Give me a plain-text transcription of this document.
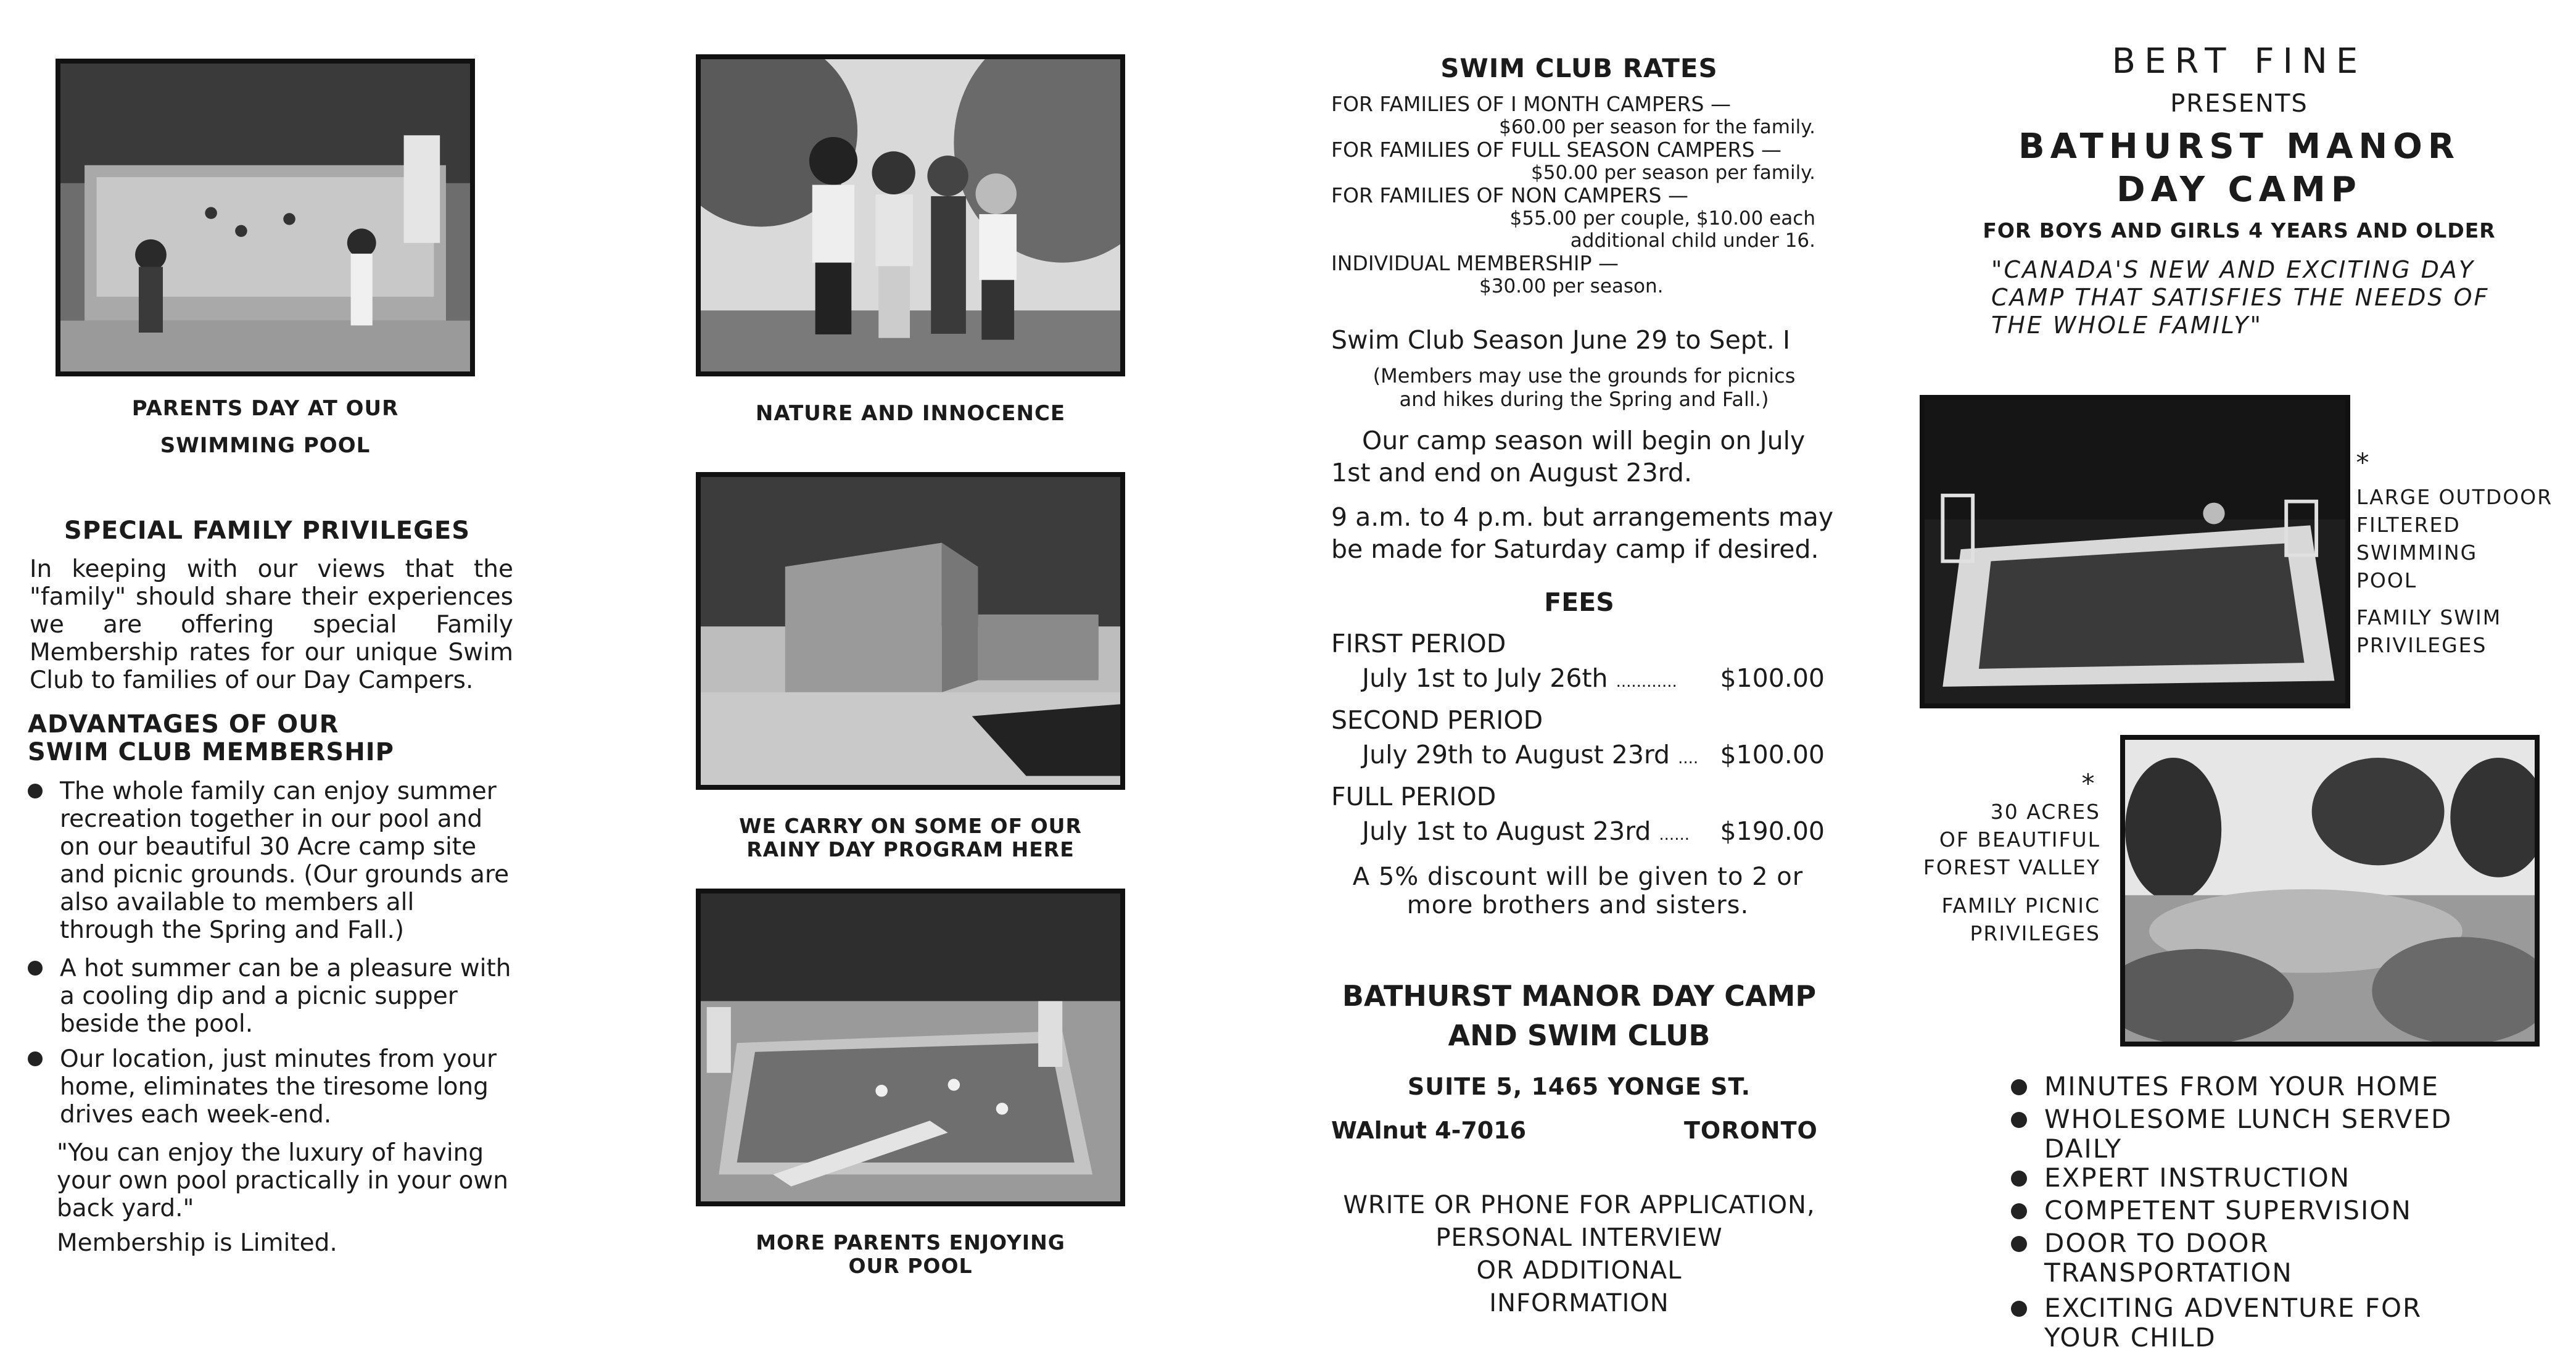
PARENTS DAY AT OUR
SWIMMING POOL
SPECIAL FAMILY PRIVILEGES
In keeping with our views that the "family" should share their experiences we are offering special Family Membership rates for our unique Swim Club to families of our Day Campers.
ADVANTAGES OF OUR
SWIM CLUB MEMBERSHIP
The whole family can enjoy summer recreation together in our pool and on our beautiful 30 Acre camp site and picnic grounds. (Our grounds are also available to members all through the Spring and Fall.)
A hot summer can be a pleasure with a cooling dip and a picnic supper beside the pool.
Our location, just minutes from your home, eliminates the tiresome long drives each week-end.
"You can enjoy the luxury of having your own pool practically in your own back yard."
Membership is Limited.
NATURE AND INNOCENCE
WE CARRY ON SOME OF OUR
RAINY DAY PROGRAM HERE
MORE PARENTS ENJOYING
OUR POOL
SWIM CLUB RATES
FOR FAMILIES OF I MONTH CAMPERS —
$60.00 per season for the family.
FOR FAMILIES OF FULL SEASON CAMPERS —
$50.00 per season per family.
FOR FAMILIES OF NON CAMPERS —
$55.00 per couple, $10.00 each
additional child under 16.
INDIVIDUAL MEMBERSHIP —
$30.00 per season.
Swim Club Season June 29 to Sept. I
(Members may use the grounds for picnics
and hikes during the Spring and Fall.)
Our camp season will begin on July
1st and end on August 23rd.
9 a.m. to 4 p.m. but arrangements may
be made for Saturday camp if desired.
FEES
FIRST PERIOD
July 1st to July 26th ............ $100.00
SECOND PERIOD
July 29th to August 23rd .... $100.00
FULL PERIOD
July 1st to August 23rd ...... $190.00
A 5% discount will be given to 2 or
more brothers and sisters.
BATHURST MANOR DAY CAMP
AND SWIM CLUB
SUITE 5, 1465 YONGE ST.
WAlnut 4-7016	TORONTO
WRITE OR PHONE FOR APPLICATION,
PERSONAL INTERVIEW
OR ADDITIONAL
INFORMATION
BERT FINE
PRESENTS
BATHURST MANOR
DAY CAMP
FOR BOYS AND GIRLS 4 YEARS AND OLDER
"CANADA'S NEW AND EXCITING DAY
CAMP THAT SATISFIES THE NEEDS OF
THE WHOLE FAMILY"
*
LARGE OUTDOOR
FILTERED
SWIMMING
POOL
FAMILY SWIM
PRIVILEGES
*
30 ACRES
OF BEAUTIFUL
FOREST VALLEY
FAMILY PICNIC
PRIVILEGES
MINUTES FROM YOUR HOME
WHOLESOME LUNCH SERVED DAILY
EXPERT INSTRUCTION
COMPETENT SUPERVISION
DOOR TO DOOR TRANSPORTATION
EXCITING ADVENTURE FOR YOUR CHILD
